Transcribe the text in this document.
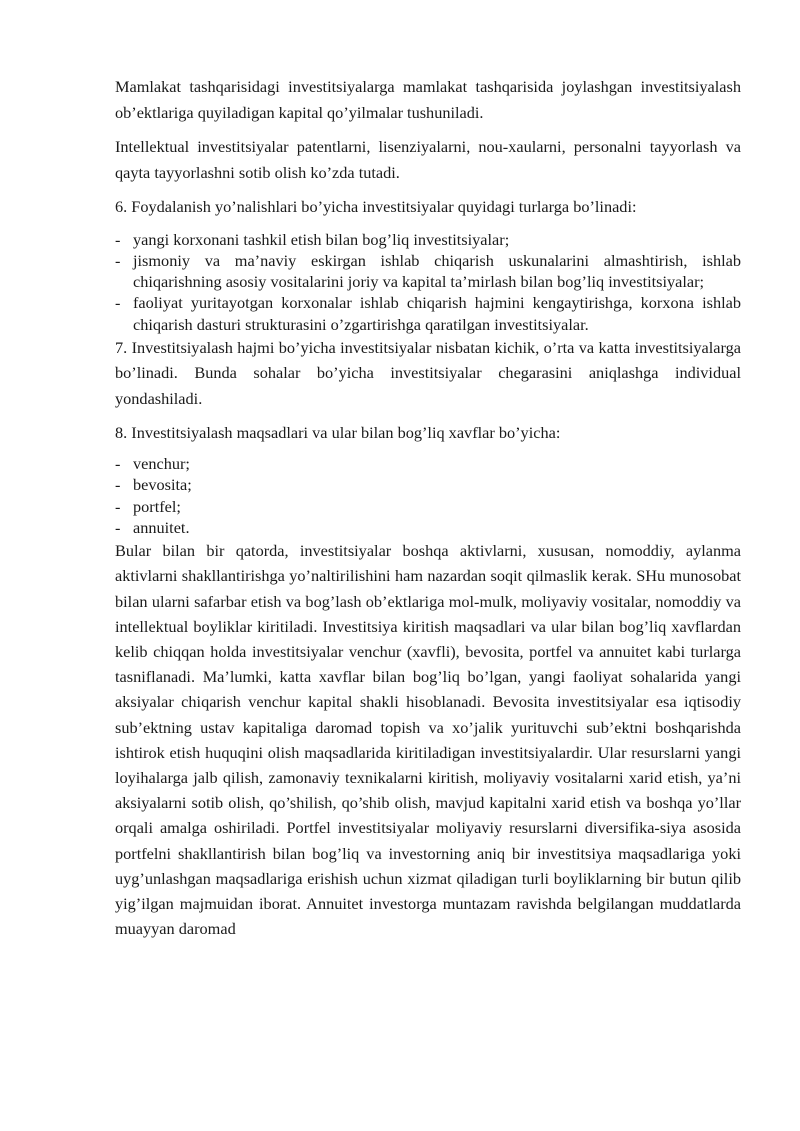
Mamlakat tashqarisidagi investitsiyalarga mamlakat tashqarisida joylashgan investitsiyalash ob’ektlariga quyiladigan kapital qo’yilmalar tushuniladi.

Intellektual investitsiyalar patentlarni, lisenziyalarni, nou-xaularni, personalni tayyorlash va qayta tayyorlashni sotib olish ko’zda tutadi.

6. Foydalanish yo’nalishlari bo’yicha investitsiyalar quyidagi turlarga bo’linadi:

- yangi korxonani tashkil etish bilan bog’liq investitsiyalar;
- jismoniy va ma’naviy eskirgan ishlab chiqarish uskunalarini almashtirish, ishlab chiqarishning asosiy vositalarini joriy va kapital ta’mirlash bilan bog’liq investitsiyalar;
- faoliyat yuritayotgan korxonalar ishlab chiqarish hajmini kengaytirishga, korxona ishlab chiqarish dasturi strukturasini o’zgartirishga qaratilgan investitsiyalar.

7. Investitsiyalash hajmi bo’yicha investitsiyalar nisbatan kichik, o’rta va katta investitsiyalarga bo’linadi. Bunda sohalar bo’yicha investitsiyalar chegarasini aniqlashga individual yondashiladi.

8. Investitsiyalash maqsadlari va ular bilan bog’liq xavflar bo’yicha:

- venchur;
- bevosita;
- portfel;
- annuitet.

Bular bilan bir qatorda, investitsiyalar boshqa aktivlarni, xususan, nomoddiy, aylanma aktivlarni shakllantirishga yo’naltirilishini ham nazardan soqit qilmaslik kerak. SHu munosobat bilan ularni safarbar etish va bog’lash ob’ektlariga mol-mulk, moliyaviy vositalar, nomoddiy va intellektual boyliklar kiritiladi. Investitsiya kiritish maqsadlari va ular bilan bog’liq xavflardan kelib chiqqan holda investitsiyalar venchur (xavfli), bevosita, portfel va annuitet kabi turlarga tasniflanadi. Ma’lumki, katta xavflar bilan bog’liq bo’lgan, yangi faoliyat sohalarida yangi aksiyalar chiqarish venchur kapital shakli hisoblanadi. Bevosita investitsiyalar esa iqtisodiy sub’ektning ustav kapitaliga daromad topish va xo’jalik yurituvchi sub’ektni boshqarishda ishtirok etish huquqini olish maqsadlarida kiritiladigan investitsiyalardir. Ular resurslarni yangi loyihalarga jalb qilish, zamonaviy texnikalarni kiritish, moliyaviy vositalarni xarid etish, ya’ni aksiyalarni sotib olish, qo’shilish, qo’shib olish, mavjud kapitalni xarid etish va boshqa yo’llar orqali amalga oshiriladi. Portfel investitsiyalar moliyaviy resurslarni diversifika-siya asosida portfelni shakllantirish bilan bog’liq va investorning aniq bir investitsiya maqsadlariga yoki uyg’unlashgan maqsadlariga erishish uchun xizmat qiladigan turli boyliklarning bir butun qilib yig’ilgan majmuidan iborat. Annuitet investorga muntazam ravishda belgilangan muddatlarda muayyan daromad
